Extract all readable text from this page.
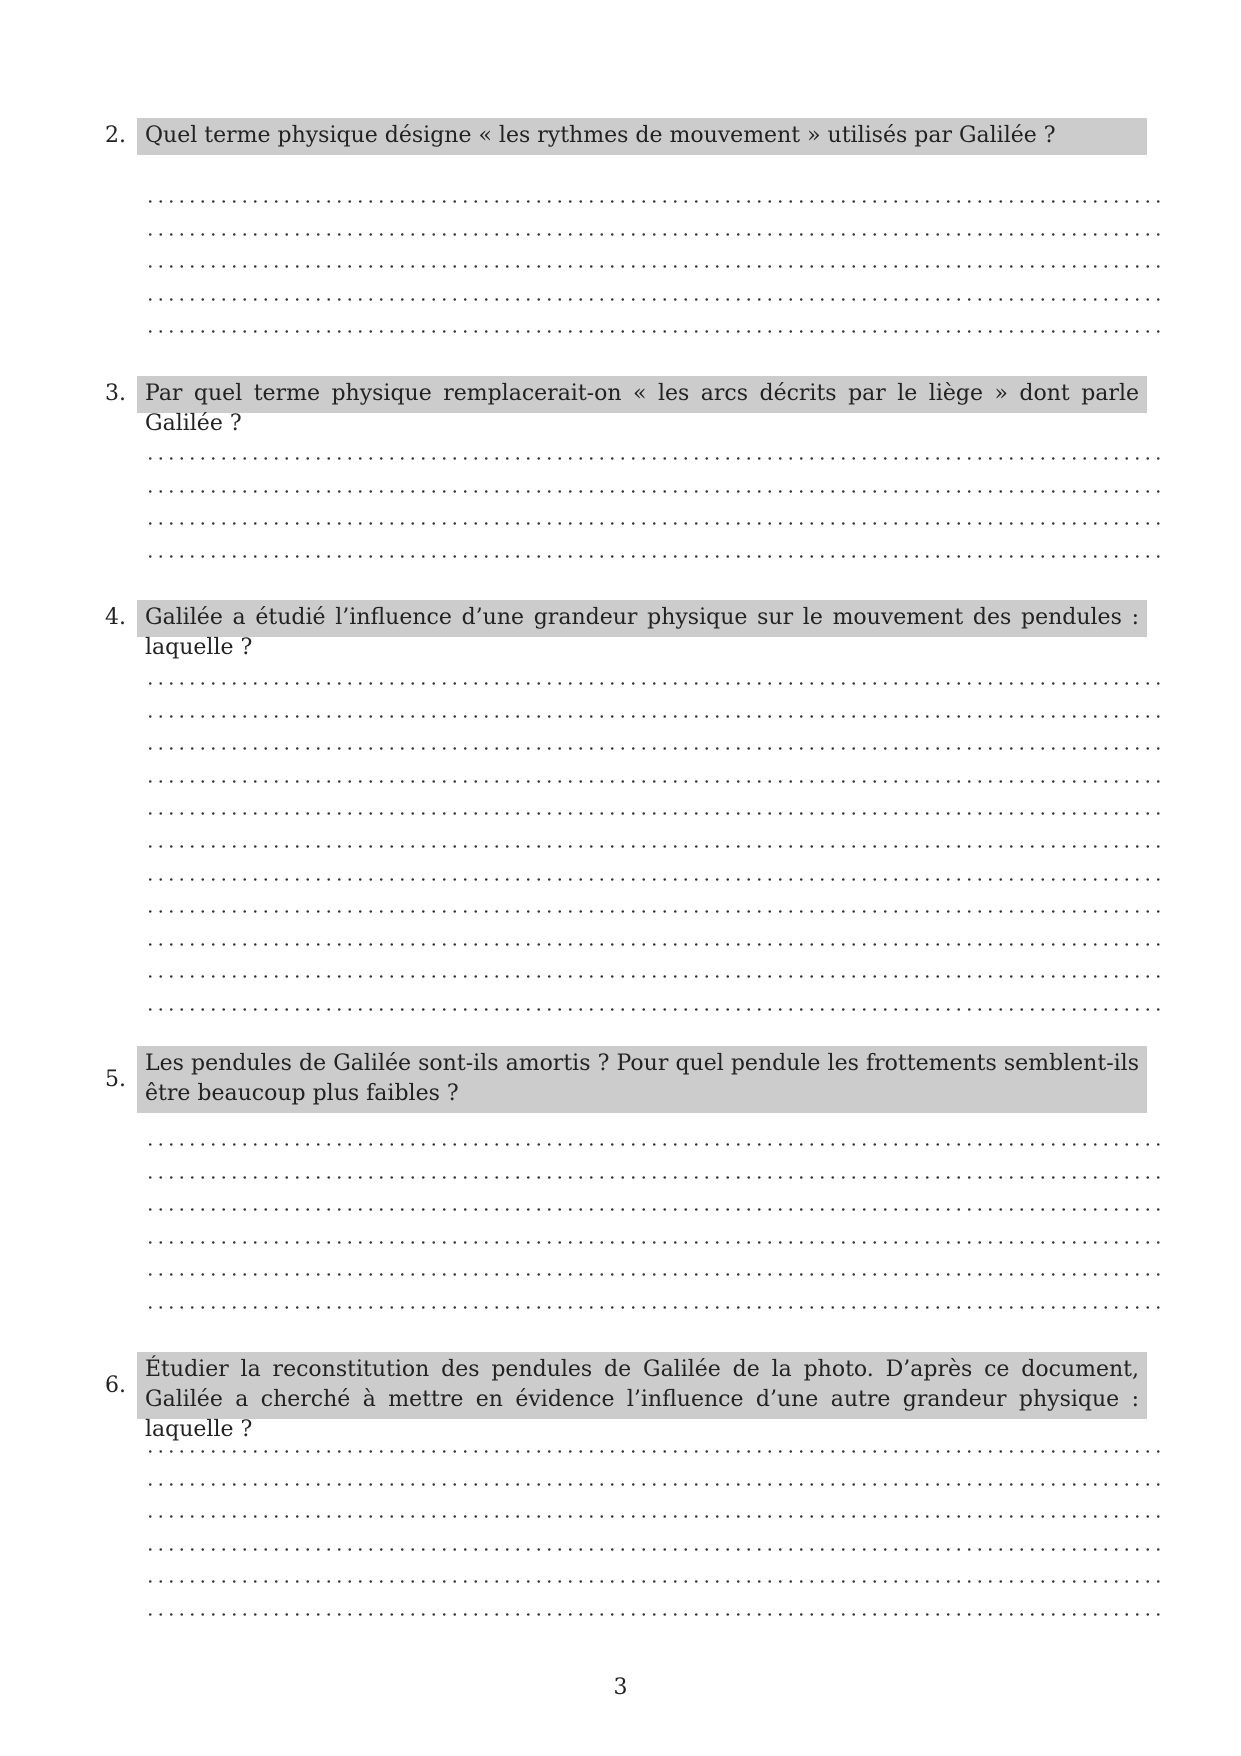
2. Quel terme physique désigne « les rythmes de mouvement » utilisés par Galilée ?
3. Par quel terme physique remplacerait-on « les arcs décrits par le liège » dont parle Galilée ?
4. Galilée a étudié l’influence d’une grandeur physique sur le mouvement des pendules : laquelle ?
5.
Les pendules de Galilée sont-ils amortis ? Pour quel pendule les frottements semblent-ils être beaucoup plus faibles ?
6.
Étudier la reconstitution des pendules de Galilée de la photo. D’après ce document, Galilée a cherché à mettre en évidence l’influence d’une autre grandeur physique : laquelle ?
3
